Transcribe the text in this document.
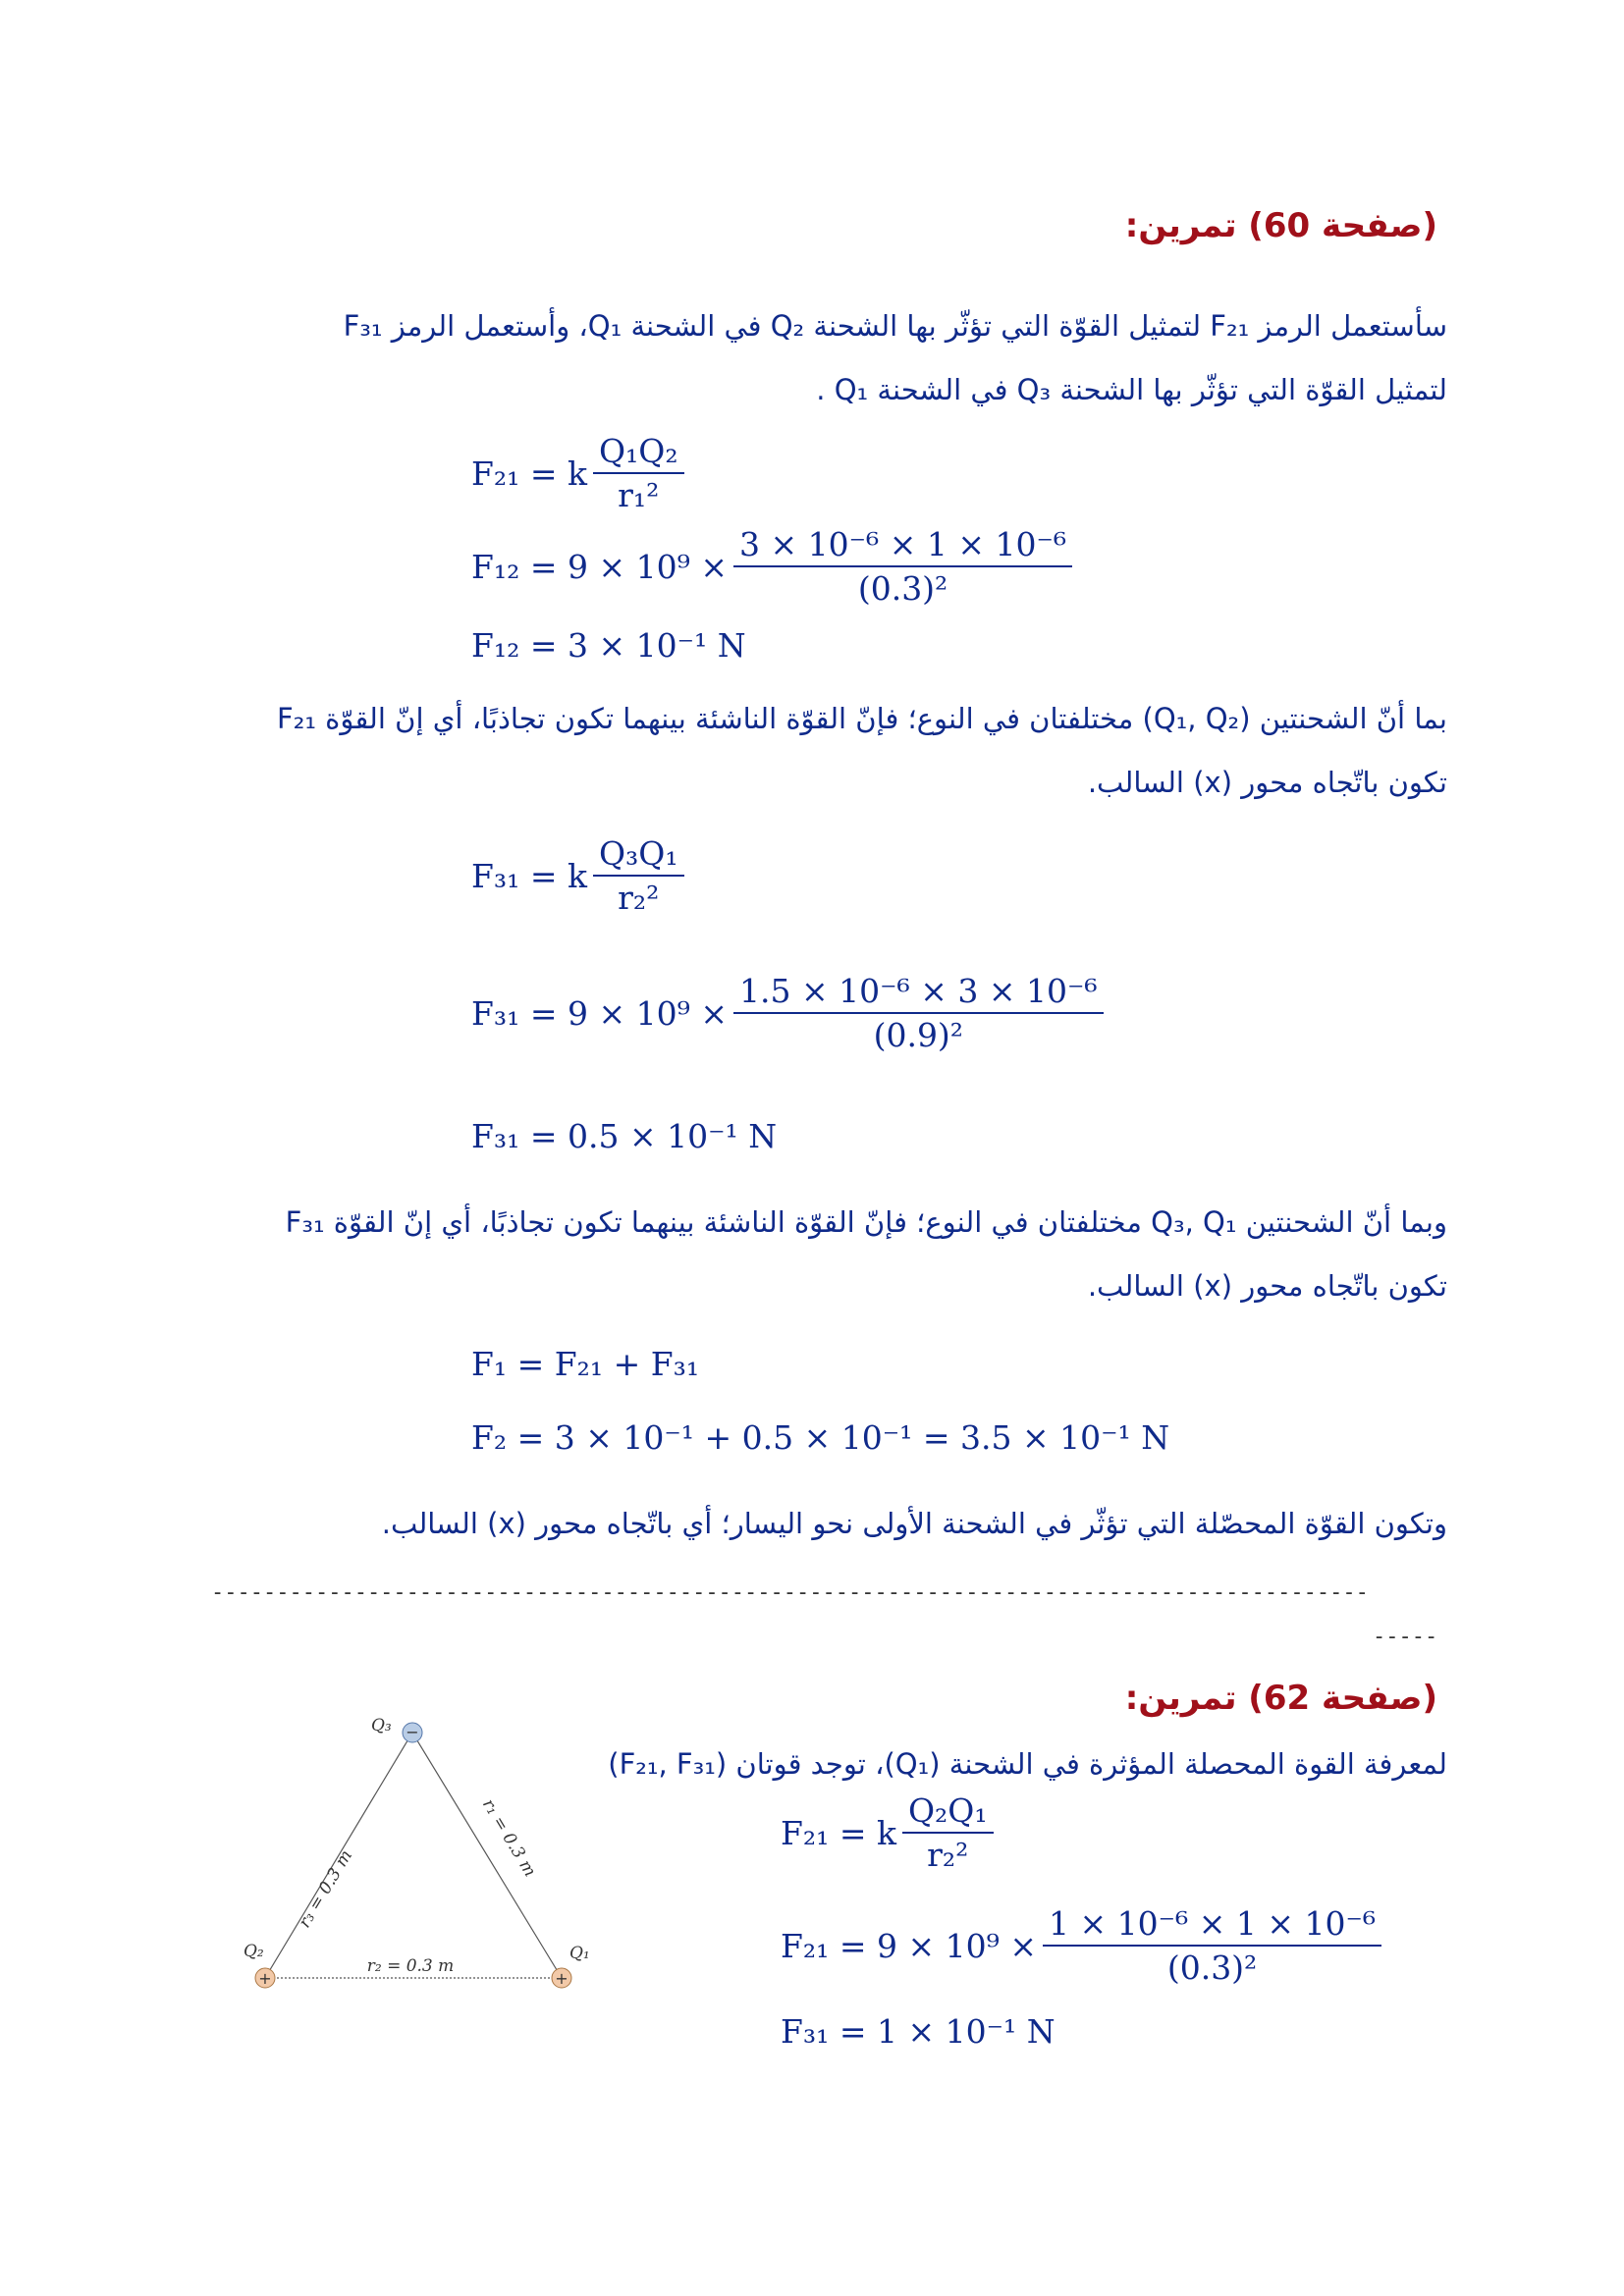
(صفحة 60) تمرين:
سأستعمل الرمز F₂₁ لتمثيل القوّة التي تؤثّر بها الشحنة Q₂ في الشحنة Q₁، وأستعمل الرمز F₃₁
لتمثيل القوّة التي تؤثّر بها الشحنة Q₃ في الشحنة Q₁ .
F₂₁ = k $\frac{\text{Q₁Q₂}}{\text{r₁²}}$
$F_{12} = 9 \times 10^9 \times \frac{\text{3 × 10⁻⁶ × 1 × 10⁻⁶}}{\text{(0.3)²}}$
F₁₂ = 3 × 10⁻¹ N
بما أنّ الشحنتين (Q₁, Q₂) مختلفتان في النوع؛ فإنّ القوّة الناشئة بينهما تكون تجاذبًا، أي إنّ القوّة F₂₁
تكون باتّجاه محور (x) السالب.
F₃₁ = k $\frac{\text{Q₃Q₁}}{\text{r₂²}}$
$F_{31} = 9 \times 10^9 \times \frac{\text{1.5 × 10⁻⁶ × 3 × 10⁻⁶}}{\text{(0.9)²}}$
F₃₁ = 0.5 × 10⁻¹ N
وبما أنّ الشحنتين Q₃, Q₁ مختلفتان في النوع؛ فإنّ القوّة الناشئة بينهما تكون تجاذبًا، أي إنّ القوّة F₃₁
تكون باتّجاه محور (x) السالب.
F₁ = F₂₁ + F₃₁
F₂ = 3 × 10⁻¹ + 0.5 × 10⁻¹ = 3.5 × 10⁻¹ N
وتكون القوّة المحصّلة التي تؤثّر في الشحنة الأولى نحو اليسار؛ أي باتّجاه محور (x) السالب.
-----------------------------------------------------------------------------------------
-----
(صفحة 62) تمرين:
لمعرفة القوة المحصلة المؤثرة في الشحنة (Q₁)، توجد قوتان (F₂₁, F₃₁)
F₂₁ = k $\frac{\text{Q₂Q₁}}{\text{r₂²}}$
$F_{21} = 9 \times 10^9 \times \frac{\text{1 × 10⁻⁶ × 1 × 10⁻⁶}}{\text{(0.3)²}}$
F₃₁ = 1 × 10⁻¹ N
−
+	+
Q₃
Q₂	Q₁
r₃ = 0.3 m
r₁ = 0.3 m
r₂ = 0.3 m
